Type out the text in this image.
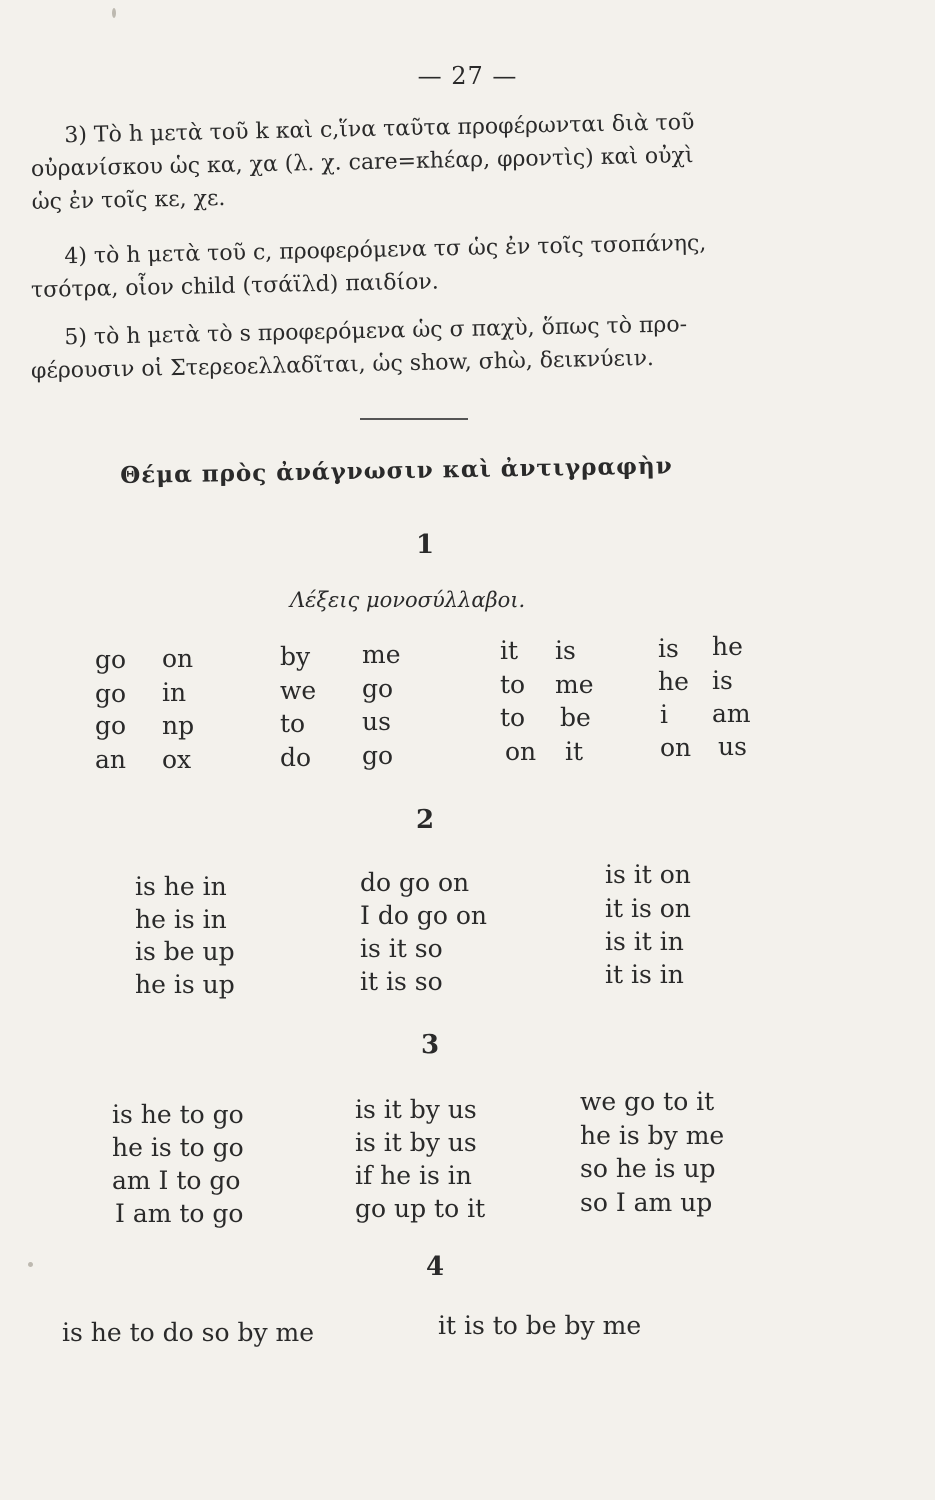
— 27 —

3) Τὸ h μετὰ τοῦ k καὶ c,ἵνα ταῦτα προφέρωνται διὰ τοῦ

οὐρανίσκου ὡς κα, χα (λ. χ. care=κhέαρ, φροντὶς) καὶ οὐχὶ

ὡς ἐν τοῖς κε, χε.

4) τὸ h μετὰ τοῦ c, προφερόμενα τσ ὡς ἐν τοῖς τσοπάνης,

τσότρα, οἷον child (τσάϊλd) παιδίον.

5) τὸ h μετὰ τὸ s προφερόμενα ὡς σ παχὺ, ὅπως τὸ προ-

φέρουσιν οἱ Στερεοελλαδῖται, ὡς show, σhὼ, δεικνύειν.

Θέμα πρὸς ἀνάγνωσιν καὶ ἀντιγραφὴν
1
Λέξεις μονοσύλλαβοι.
go on	by me	it is	is he
go in	we go	to me	he is
go np	to us	to be	i am
an ox	do go	on it	on us
2
is he in	do go on	is it on
he is in	I do go on	it is on
is be up	is it so	is it in
he is up	it is so	it is in
3
is he to go	is it by us	we go to it
he is to go	is it by us	he is by me
am I to go	if he is in	so he is up
I am to go	go up to it	so I am up
4
is he to do so by me	it is to be by me
